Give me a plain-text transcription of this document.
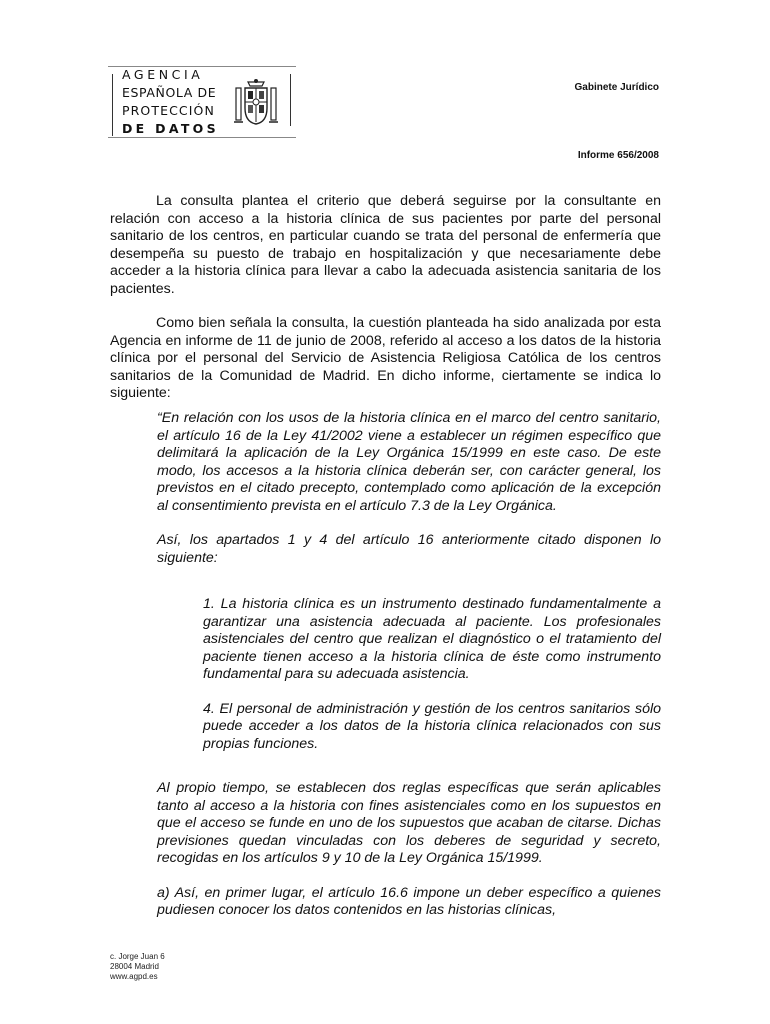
AGENCIA
ESPAÑOLA DE
PROTECCIÓN
DE DATOS
Gabinete Jurídico
Informe 656/2008

La consulta plantea el criterio que deberá seguirse por la consultante en relación con acceso a la historia clínica de sus pacientes por parte del personal sanitario de los centros, en particular cuando se trata del personal de enfermería que desempeña su puesto de trabajo en hospitalización y que necesariamente debe acceder a la historia clínica para llevar a cabo la adecuada asistencia sanitaria de los pacientes.

Como bien señala la consulta, la cuestión planteada ha sido analizada por esta Agencia en informe de 11 de junio de 2008, referido al acceso a los datos de la historia clínica por el personal del Servicio de Asistencia Religiosa Católica de los centros sanitarios de la Comunidad de Madrid. En dicho informe, ciertamente se indica lo siguiente:

“En relación con los usos de la historia clínica en el marco del centro sanitario, el artículo 16 de la Ley 41/2002 viene a establecer un régimen específico que delimitará la aplicación de la Ley Orgánica 15/1999 en este caso. De este modo, los accesos a la historia clínica deberán ser, con carácter general, los previstos en el citado precepto, contemplado como aplicación de la excepción al consentimiento prevista en el artículo 7.3 de la Ley Orgánica.

Así, los apartados 1 y 4 del artículo 16 anteriormente citado disponen lo siguiente:

1. La historia clínica es un instrumento destinado fundamentalmente a garantizar una asistencia adecuada al paciente. Los profesionales asistenciales del centro que realizan el diagnóstico o el tratamiento del paciente tienen acceso a la historia clínica de éste como instrumento fundamental para su adecuada asistencia.

4. El personal de administración y gestión de los centros sanitarios sólo puede acceder a los datos de la historia clínica relacionados con sus propias funciones.

Al propio tiempo, se establecen dos reglas específicas que serán aplicables tanto al acceso a la historia con fines asistenciales como en los supuestos en que el acceso se funde en uno de los supuestos que acaban de citarse. Dichas previsiones quedan vinculadas con los deberes de seguridad y secreto, recogidas en los artículos 9 y 10 de la Ley Orgánica 15/1999.

a) Así, en primer lugar, el artículo 16.6 impone un deber específico a quienes pudiesen conocer los datos contenidos en las historias clínicas,

c. Jorge Juan 6
28004 Madrid
www.agpd.es
